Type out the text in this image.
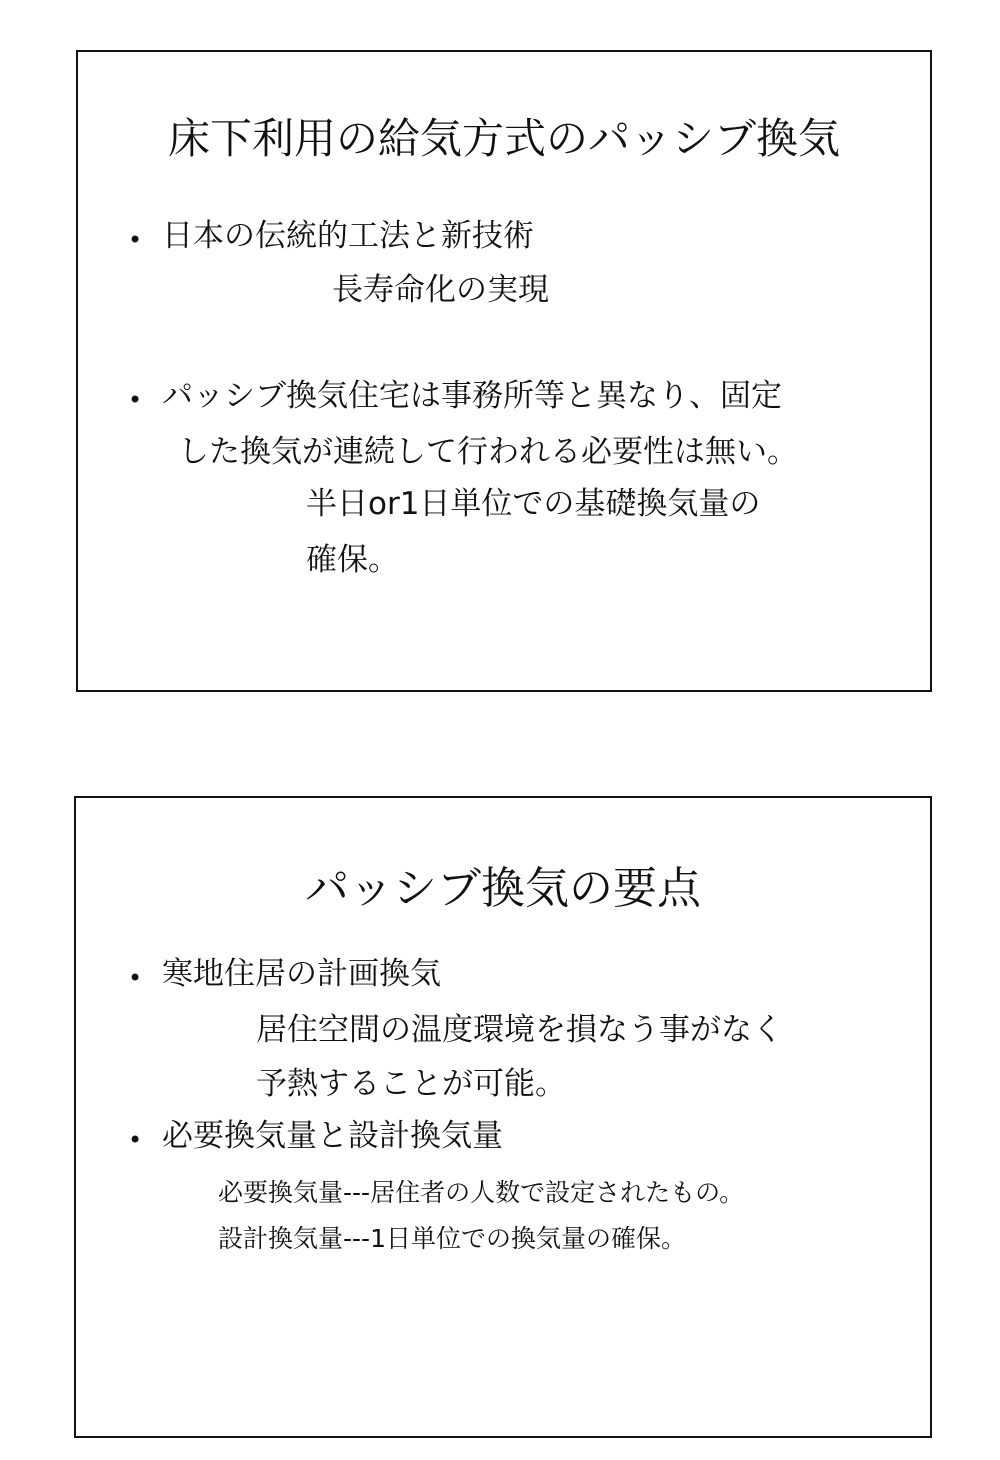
床下利用の給気方式のパッシブ換気
• 日本の伝統的工法と新技術
長寿命化の実現
• パッシブ換気住宅は事務所等と異なり、固定
した換気が連続して行われる必要性は無い。
半日or1日単位での基礎換気量の
確保。
パッシブ換気の要点
• 寒地住居の計画換気
居住空間の温度環境を損なう事がなく
予熱することが可能。
• 必要換気量と設計換気量
必要換気量---居住者の人数で設定されたもの。
設計換気量---1日単位での換気量の確保。
